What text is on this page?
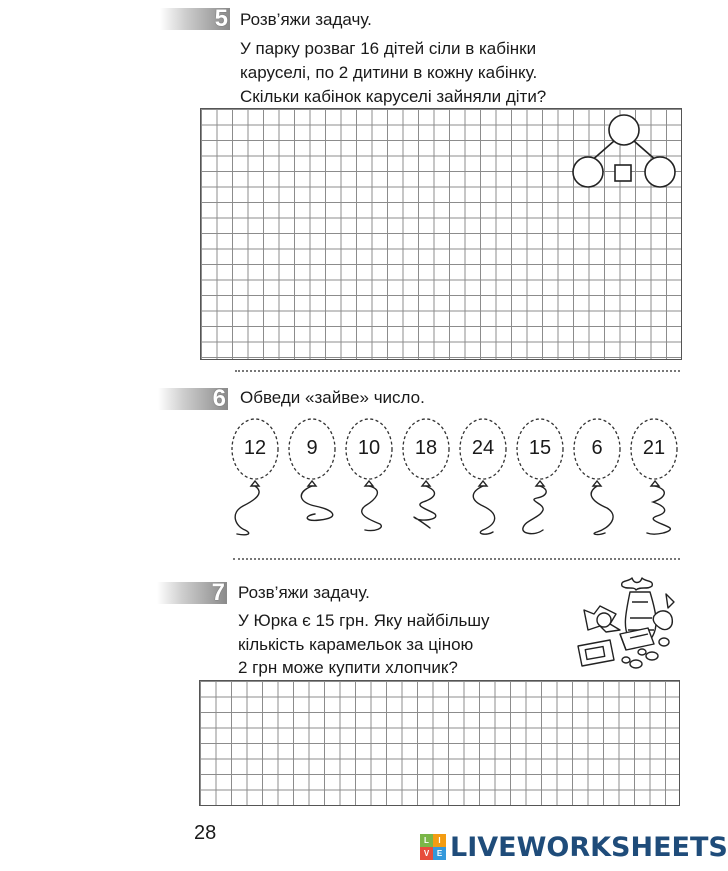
5 Розв’яжи задачу.
У парку розваг 16 дітей сіли в кабінки
каруселі, по 2 дитини в кожну кабінку.
Скільки кабінок каруселі зайняли діти?
6 Обведи «зайве» число.
12	9	10	18	24	15	6	21
7 Розв’яжи задачу.
У Юрка є 15 грн. Яку найбільшу
кількість карамельок за ціною
2 грн може купити хлопчик?
28	L	I
V E LIVEWORKSHEETS
